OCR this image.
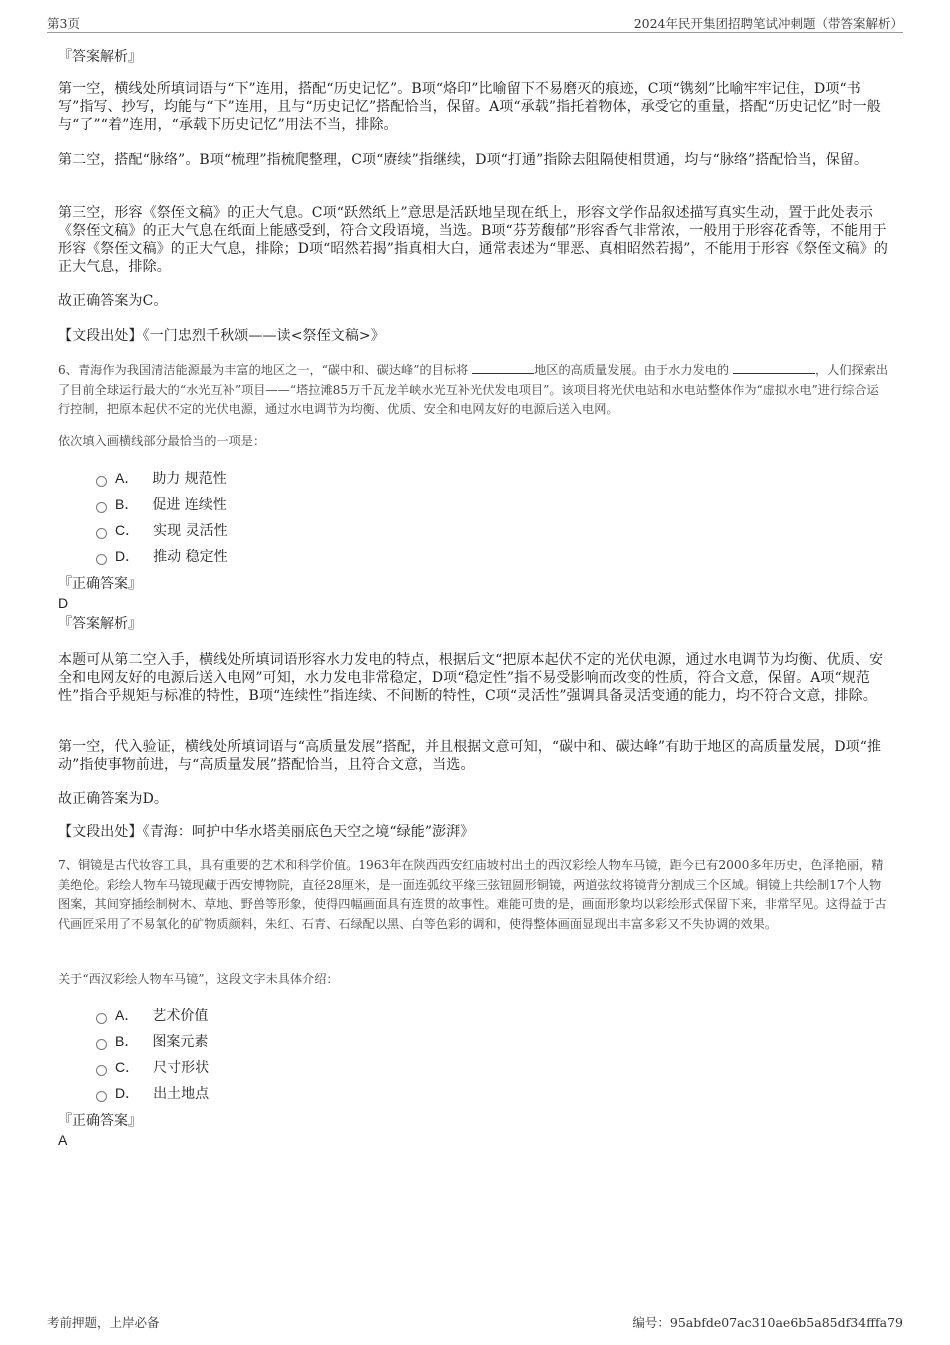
第3页	2024年民开集团招聘笔试冲刺题（带答案解析）
『答案解析』

第一空，横线处所填词语与“下”连用，搭配“历史记忆”。B项“烙印”比喻留下不易磨灭的痕迹，C项“镌刻”比喻牢牢记住，D项“书写”指写、抄写，均能与“下”连用，且与“历史记忆”搭配恰当，保留。A项“承载”指托着物体，承受它的重量，搭配“历史记忆”时一般与“了”“着”连用，“承载下历史记忆”用法不当，排除。

第二空，搭配“脉络”。B项“梳理”指梳爬整理，C项“赓续”指继续，D项“打通”指除去阻隔使相贯通，均与“脉络”搭配恰当，保留。

第三空，形容《祭侄文稿》的正大气息。C项“跃然纸上”意思是活跃地呈现在纸上，形容文学作品叙述描写真实生动，置于此处表示《祭侄文稿》的正大气息在纸面上能感受到，符合文段语境，当选。B项“芬芳馥郁”形容香气非常浓，一般用于形容花香等，不能用于形容《祭侄文稿》的正大气息，排除；D项“昭然若揭”指真相大白，通常表述为“罪恶、真相昭然若揭”，不能用于形容《祭侄文稿》的正大气息，排除。

故正确答案为C。

【文段出处】《一门忠烈千秋颂——读<祭侄文稿>》

6、青海作为我国清洁能源最为丰富的地区之一，“碳中和、碳达峰”的目标将	地区的高质量发展。由于水力发电的	，人们探索出了目前全球运行最大的“水光互补”项目——“塔拉滩85万千瓦龙羊峡水光互补光伏发电项目”。该项目将光伏电站和水电站整体作为“虚拟水电”进行综合运行控制，把原本起伏不定的光伏电源，通过水电调节为均衡、优质、安全和电网友好的电源后送入电网。

依次填入画横线部分最恰当的一项是：

A． 助力 规范性
B． 促进 连续性
C． 实现 灵活性
D． 推动 稳定性
『正确答案』
D
『答案解析』

本题可从第二空入手，横线处所填词语形容水力发电的特点，根据后文“把原本起伏不定的光伏电源，通过水电调节为均衡、优质、安全和电网友好的电源后送入电网”可知，水力发电非常稳定，D项“稳定性”指不易受影响而改变的性质，符合文意，保留。A项“规范性”指合乎规矩与标准的特性，B项“连续性”指连续、不间断的特性，C项“灵活性”强调具备灵活变通的能力，均不符合文意，排除。

第一空，代入验证，横线处所填词语与“高质量发展”搭配，并且根据文意可知，“碳中和、碳达峰”有助于地区的高质量发展，D项“推动”指使事物前进，与“高质量发展”搭配恰当，且符合文意，当选。

故正确答案为D。

【文段出处】《青海：呵护中华水塔美丽底色天空之境“绿能”澎湃》

7、铜镜是古代妆容工具，具有重要的艺术和科学价值。1963年在陕西西安红庙坡村出土的西汉彩绘人物车马镜，距今已有2000多年历史，色泽艳丽，精美绝伦。彩绘人物车马镜现藏于西安博物院，直径28厘米，是一面连弧纹平缘三弦钮圆形铜镜，两道弦纹将镜背分割成三个区域。铜镜上共绘制17个人物图案，其间穿插绘制树木、草地、野兽等形象，使得四幅画面具有连贯的故事性。难能可贵的是，画面形象均以彩绘形式保留下来，非常罕见。这得益于古代画匠采用了不易氧化的矿物质颜料，朱红、石青、石绿配以黑、白等色彩的调和，使得整体画面显现出丰富多彩又不失协调的效果。

关于“西汉彩绘人物车马镜”，这段文字未具体介绍：

A． 艺术价值
B． 图案元素
C． 尺寸形状
D． 出土地点
『正确答案』
A
考前押题，上岸必备	编号：95abfde07ac310ae6b5a85df34fffa79
